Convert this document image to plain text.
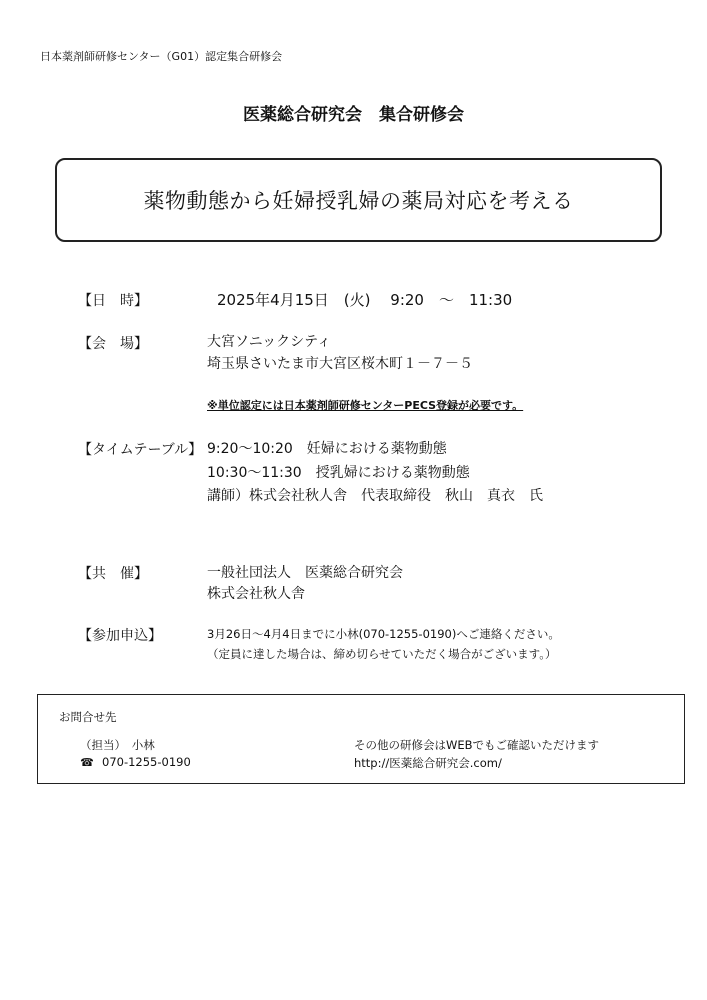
日本薬剤師研修センター（G01）認定集合研修会
医薬総合研究会　集合研修会
薬物動態から妊婦授乳婦の薬局対応を考える
【日　時】	2025年4月15日　(火)　 9:20　～　11:30
【会　場】	大宮ソニックシティ
埼玉県さいたま市大宮区桜木町１－７－５
※単位認定には日本薬剤師研修センターPECS登録が必要です。
【タイムテーブル】 9:20～10:20　妊婦における薬物動態
10:30～11:30　授乳婦における薬物動態
講師）株式会社秋人舎　代表取締役　秋山　真衣　氏
【共　催】	一般社団法人　医薬総合研究会
株式会社秋人舎
【参加申込】	3月26日～4月4日までに小林(070-1255-0190)へご連絡ください。
（定員に達した場合は、締め切らせていただく場合がございます。）
お問合せ先
（担当）　小林
☎ 070-1255-0190
その他の研修会はWEBでもご確認いただけます
http://医薬総合研究会.com/
